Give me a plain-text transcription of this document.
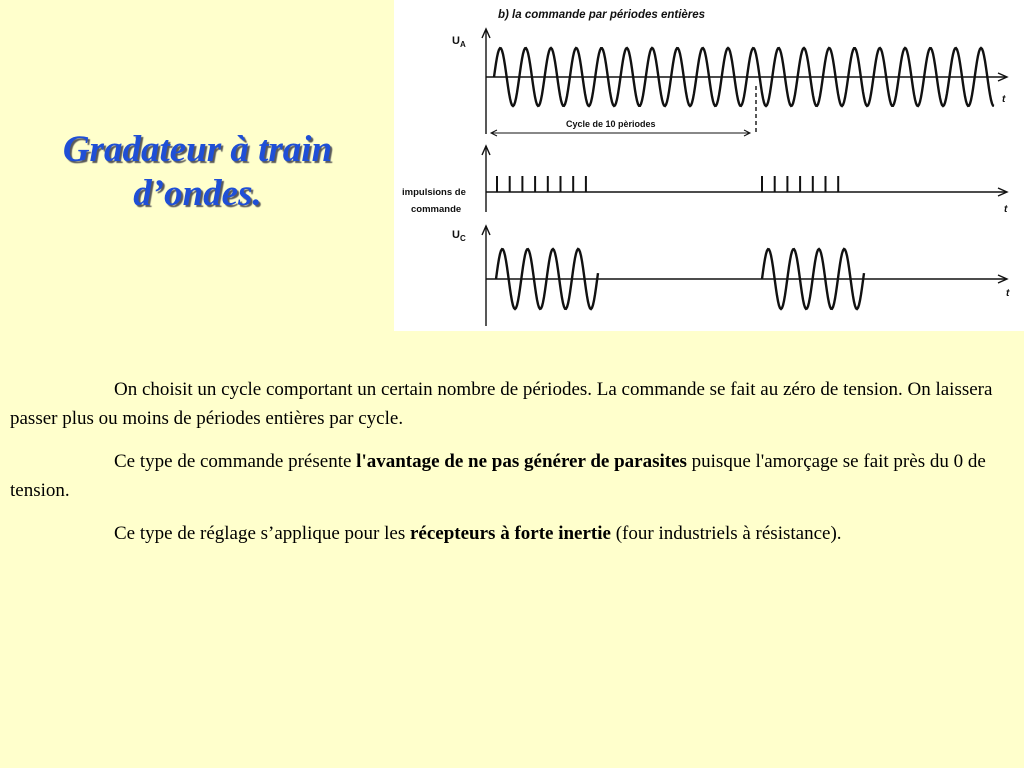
Gradateur à train
d’ondes.
b) la commande par périodes entières
$U_A$
t
Cycle de 10 pèriodes
impulsions de
commande	t
$U_C$
t

On choisit un cycle comportant un certain nombre de périodes. La commande se fait au zéro de tension. On laissera passer plus ou moins de périodes entières par cycle.

Ce type de commande présente l'avantage de ne pas générer de parasites puisque l'amorçage se fait près du 0 de tension.

Ce type de réglage s’applique pour les récepteurs à forte inertie (four industriels à résistance).
